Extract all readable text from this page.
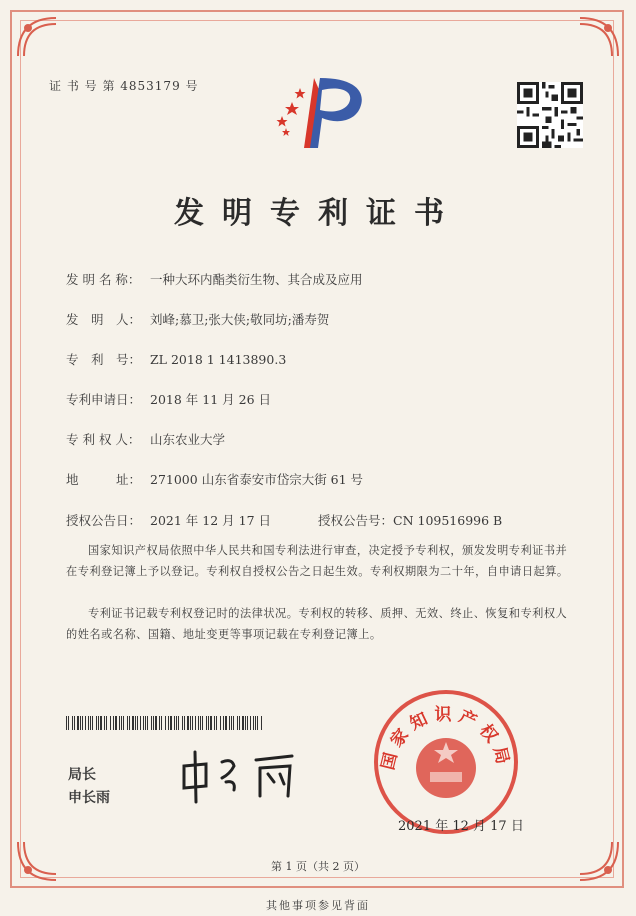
证 书 号 第 4853179 号
发明专利证书
发 明 名 称： 一种大环内酯类衍生物、其合成及应用
发　明　人： 刘峰;慕卫;张大侠;敬同坊;潘寿贺
专　利　号： ZL 2018 1 1413890.3
专利申请日： 2018 年 11 月 26 日
专 利 权 人： 山东农业大学
地　　　址： 271000 山东省泰安市岱宗大街 61 号
授权公告日： 2021 年 12 月 17 日	授权公告号：CN 109516996 B
国家知识产权局依照中华人民共和国专利法进行审查，决定授予专利权，颁发发明专利证书并在专利登记簿上予以登记。专利权自授权公告之日起生效。专利权期限为二十年，自申请日起算。
专利证书记载专利权登记时的法律状况。专利权的转移、质押、无效、终止、恢复和专利权人的姓名或名称、国籍、地址变更等事项记载在专利登记簿上。
局长
申长雨
国家知识产权局
2021 年 12 月 17 日
第 1 页（共 2 页）
其他事项参见背面
